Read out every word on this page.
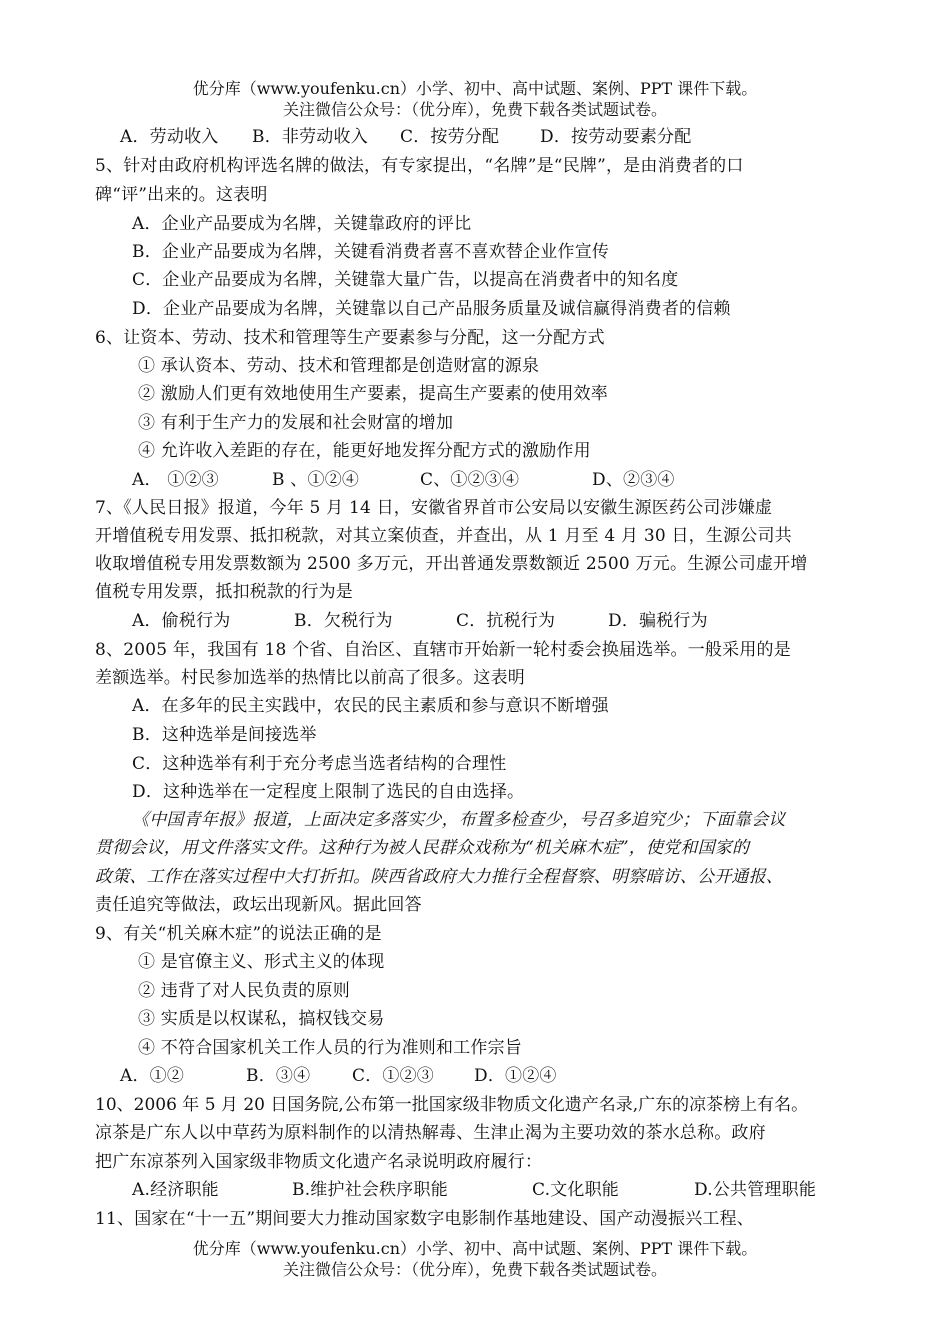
优分库（www.youfenku.cn）小学、初中、高中试题、案例、PPT 课件下载。
关注微信公众号：（优分库），免费下载各类试题试卷。
A．劳动收入 B．非劳动收入 C．按劳分配 D．按劳动要素分配
5、针对由政府机构评选名牌的做法，有专家提出，“名牌”是“民牌”，是由消费者的口
碑“评”出来的。这表明
A．企业产品要成为名牌，关键靠政府的评比
B．企业产品要成为名牌，关键看消费者喜不喜欢替企业作宣传
C．企业产品要成为名牌，关键靠大量广告，以提高在消费者中的知名度
D．企业产品要成为名牌，关键靠以自己产品服务质量及诚信赢得消费者的信赖
6、让资本、劳动、技术和管理等生产要素参与分配，这一分配方式
① 承认资本、劳动、技术和管理都是创造财富的源泉
② 激励人们更有效地使用生产要素，提高生产要素的使用效率
③ 有利于生产力的发展和社会财富的增加
④ 允许收入差距的存在，能更好地发挥分配方式的激励作用
A． ①②③	B 、①②④	C、①②③④	D、②③④
7、《人民日报》报道，今年 5 月 14 日，安徽省界首市公安局以安徽生源医药公司涉嫌虚
开增值税专用发票、抵扣税款，对其立案侦查，并查出，从 1 月至 4 月 30 日，生源公司共
收取增值税专用发票数额为 2500 多万元，开出普通发票数额近 2500 万元。生源公司虚开增
值税专用发票，抵扣税款的行为是
A．偷税行为	B．欠税行为	C．抗税行为	D．骗税行为
8、2005 年，我国有 18 个省、自治区、直辖市开始新一轮村委会换届选举。一般采用的是
差额选举。村民参加选举的热情比以前高了很多。这表明
A．在多年的民主实践中，农民的民主素质和参与意识不断增强
B．这种选举是间接选举
C．这种选举有利于充分考虑当选者结构的合理性
D．这种选举在一定程度上限制了选民的自由选择。
《中国青年报》报道，上面决定多落实少，布置多检查少，号召多追究少；下面靠会议
贯彻会议，用文件落实文件。这种行为被人民群众戏称为“机关麻木症”，使党和国家的
政策、工作在落实过程中大打折扣。陕西省政府大力推行全程督察、明察暗访、公开通报、
责任追究等做法，政坛出现新风。据此回答
9、有关“机关麻木症”的说法正确的是
① 是官僚主义、形式主义的体现
② 违背了对人民负责的原则
③ 实质是以权谋私，搞权钱交易
④ 不符合国家机关工作人员的行为准则和工作宗旨
A．①②	B．③④ C．①②③ D．①②④
10、2006 年 5 月 20 日国务院,公布第一批国家级非物质文化遗产名录,广东的凉茶榜上有名。
凉茶是广东人以中草药为原料制作的以清热解毒、生津止渴为主要功效的茶水总称。政府
把广东凉茶列入国家级非物质文化遗产名录说明政府履行：
A.经济职能	B.维护社会秩序职能	C.文化职能	D.公共管理职能
11、国家在“十一五”期间要大力推动国家数字电影制作基地建设、国产动漫振兴工程、
优分库（www.youfenku.cn）小学、初中、高中试题、案例、PPT 课件下载。
关注微信公众号：（优分库），免费下载各类试题试卷。
